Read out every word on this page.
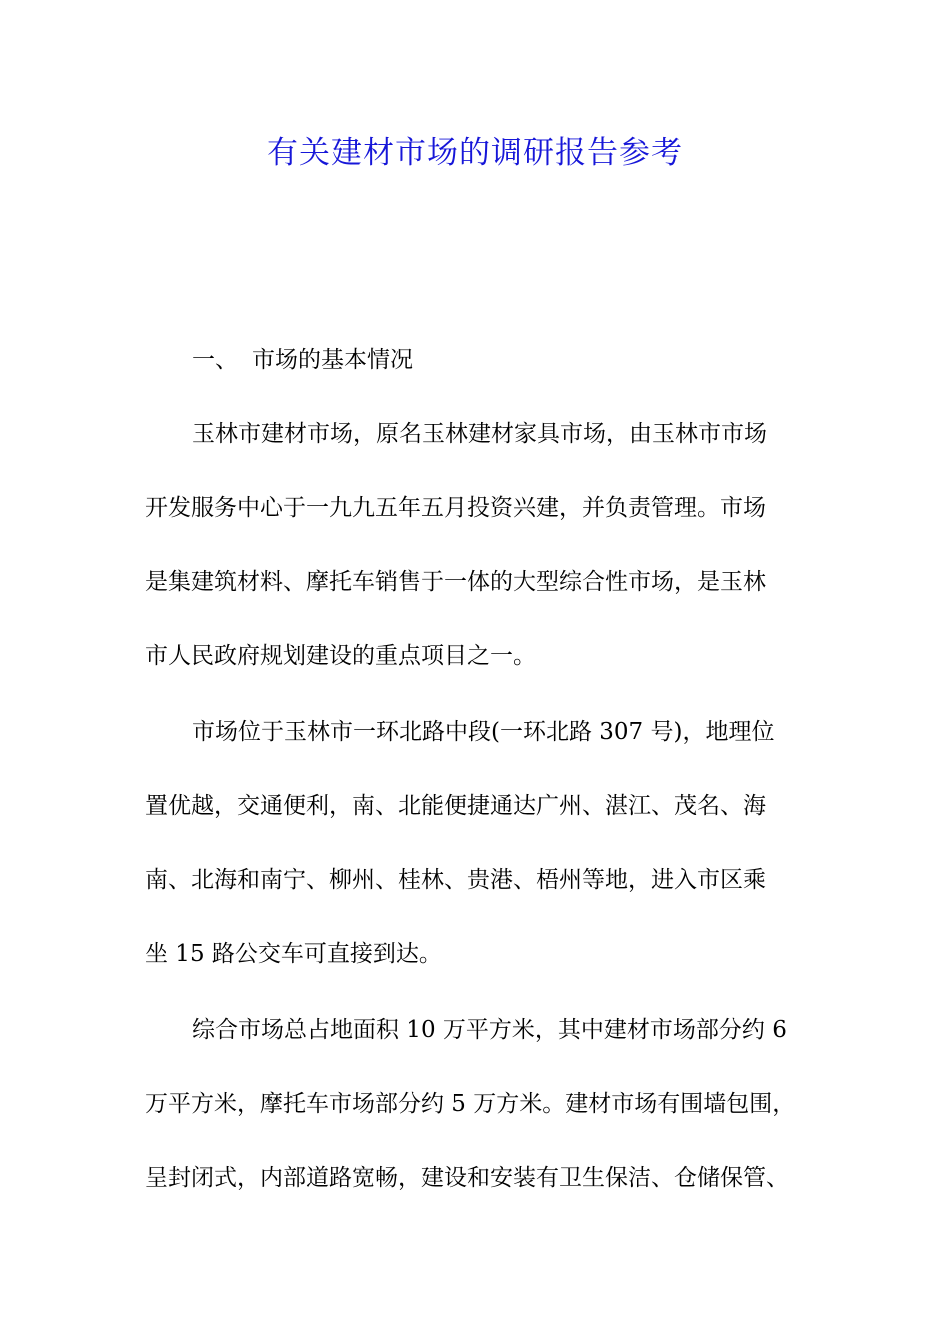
有关建材市场的调研报告参考
一、 市场的基本情况
玉林市建材市场，原名玉林建材家具市场，由玉林市市场
开发服务中心于一九九五年五月投资兴建，并负责管理。市场
是集建筑材料、摩托车销售于一体的大型综合性市场，是玉林
市人民政府规划建设的重点项目之一。
市场位于玉林市一环北路中段(一环北路 307 号)，地理位
置优越，交通便利，南、北能便捷通达广州、湛江、茂名、海
南、北海和南宁、柳州、桂林、贵港、梧州等地，进入市区乘
坐 15 路公交车可直接到达。
综合市场总占地面积 10 万平方米，其中建材市场部分约 6
万平方米，摩托车市场部分约 5 万方米。建材市场有围墙包围，
呈封闭式，内部道路宽畅，建设和安装有卫生保洁、仓储保管、
